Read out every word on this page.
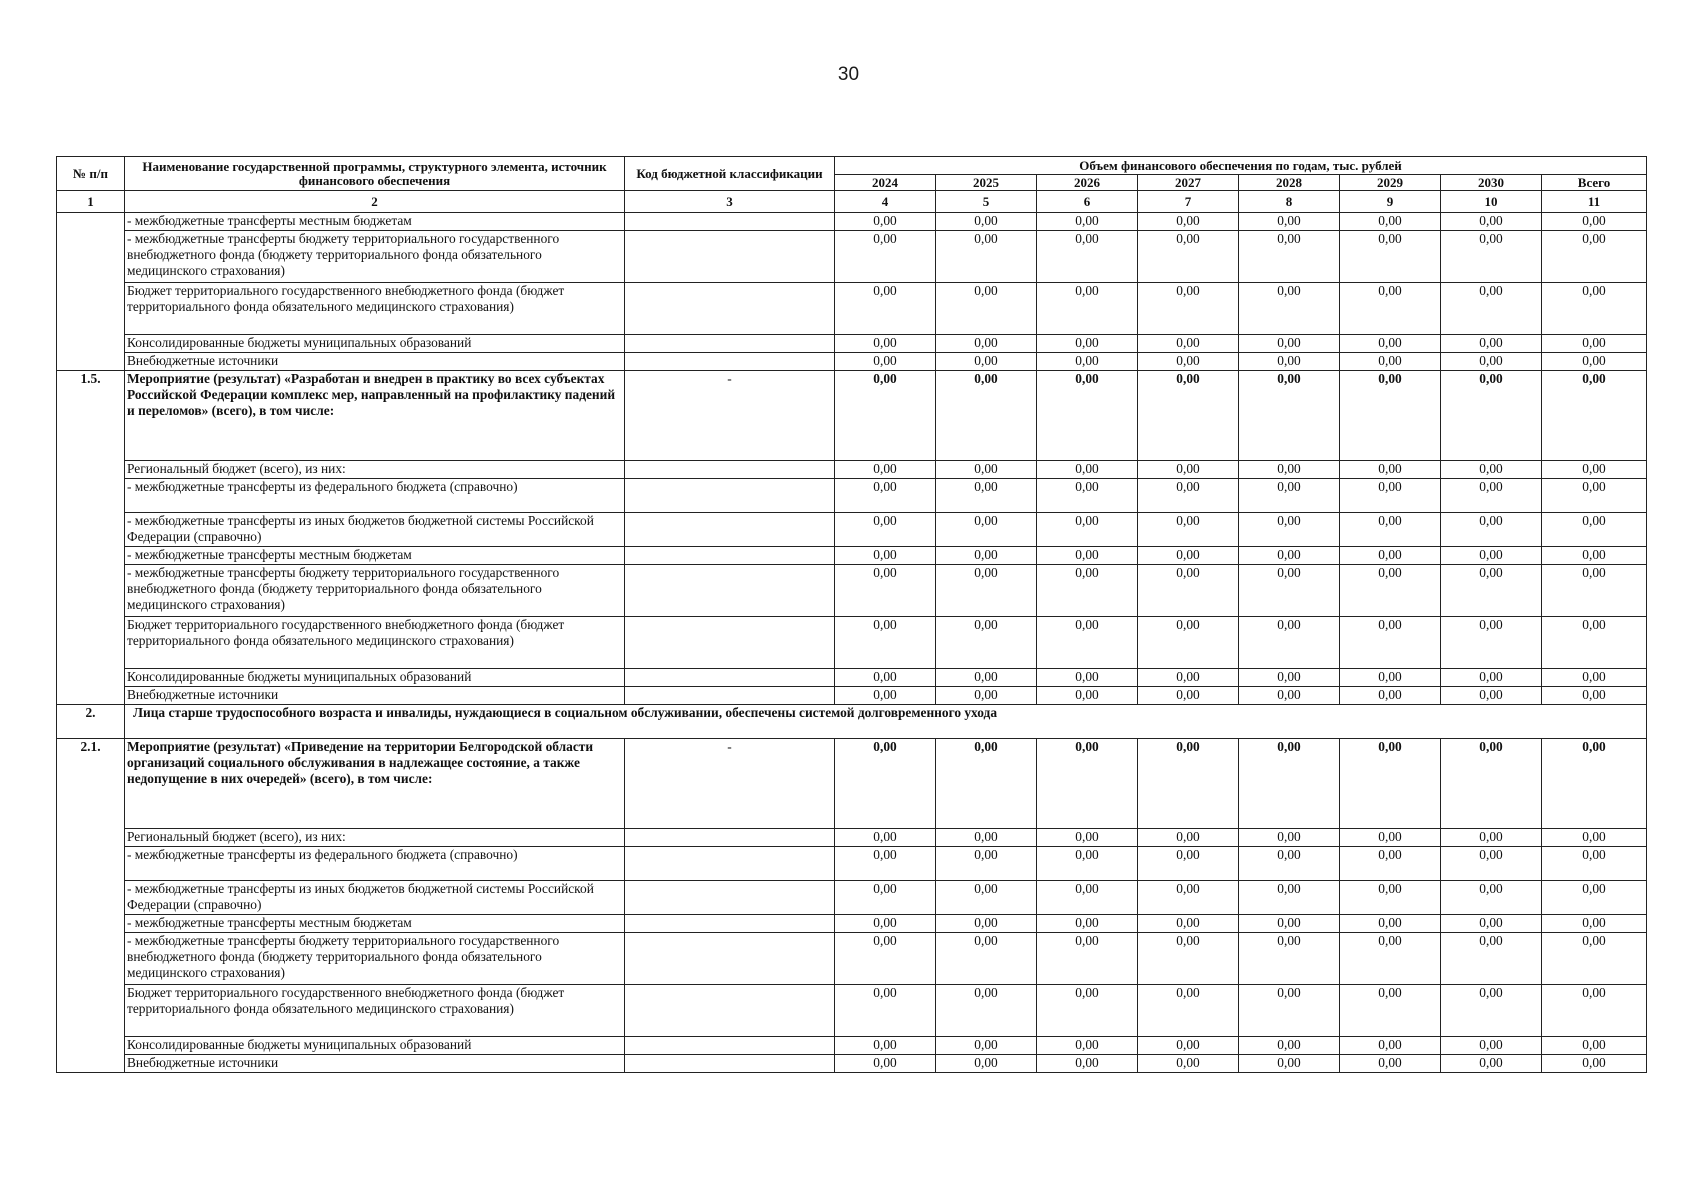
30
№ п/п	Наименование государственной программы, структурного элемента, источник финансового обеспечения	Код бюджетной классификации	Объем финансового обеспечения по годам, тыс. рублей							
			2024	2025	2026	2027	2028	2029	2030	Всего
1	2	3	4	5	6	7	8	9	10	11
	- межбюджетные трансферты местным бюджетам		0,00	0,00	0,00	0,00	0,00	0,00	0,00	0,00
	- межбюджетные трансферты бюджету территориального государственного внебюджетного фонда (бюджету территориального фонда обязательного медицинского страхования)		0,00	0,00	0,00	0,00	0,00	0,00	0,00	0,00
	Бюджет территориального государственного внебюджетного фонда (бюджет территориального фонда обязательного медицинского страхования)		0,00	0,00	0,00	0,00	0,00	0,00	0,00	0,00
	Консолидированные бюджеты муниципальных образований		0,00	0,00	0,00	0,00	0,00	0,00	0,00	0,00
	Внебюджетные источники		0,00	0,00	0,00	0,00	0,00	0,00	0,00	0,00
1.5.	Мероприятие (результат) «Разработан и внедрен в практику во всех субъектах Российской Федерации комплекс мер, направленный на профилактику падений и переломов» (всего), в том числе:	-	0,00	0,00	0,00	0,00	0,00	0,00	0,00	0,00
	Региональный бюджет (всего), из них:		0,00	0,00	0,00	0,00	0,00	0,00	0,00	0,00
	- межбюджетные трансферты из федерального бюджета (справочно)		0,00	0,00	0,00	0,00	0,00	0,00	0,00	0,00
	- межбюджетные трансферты из иных бюджетов бюджетной системы Российской Федерации (справочно)		0,00	0,00	0,00	0,00	0,00	0,00	0,00	0,00
	- межбюджетные трансферты местным бюджетам		0,00	0,00	0,00	0,00	0,00	0,00	0,00	0,00
	- межбюджетные трансферты бюджету территориального государственного внебюджетного фонда (бюджету территориального фонда обязательного медицинского страхования)		0,00	0,00	0,00	0,00	0,00	0,00	0,00	0,00
	Бюджет территориального государственного внебюджетного фонда (бюджет территориального фонда обязательного медицинского страхования)		0,00	0,00	0,00	0,00	0,00	0,00	0,00	0,00
	Консолидированные бюджеты муниципальных образований		0,00	0,00	0,00	0,00	0,00	0,00	0,00	0,00
	Внебюджетные источники		0,00	0,00	0,00	0,00	0,00	0,00	0,00	0,00
2.	Лица старше трудоспособного возраста и инвалиды, нуждающиеся в социальном обслуживании, обеспечены системой долговременного ухода									
2.1.	Мероприятие (результат) «Приведение на территории Белгородской области организаций социального обслуживания в надлежащее состояние, а также недопущение в них очередей» (всего), в том числе:	-	0,00	0,00	0,00	0,00	0,00	0,00	0,00	0,00
	Региональный бюджет (всего), из них:		0,00	0,00	0,00	0,00	0,00	0,00	0,00	0,00
	- межбюджетные трансферты из федерального бюджета (справочно)		0,00	0,00	0,00	0,00	0,00	0,00	0,00	0,00
	- межбюджетные трансферты из иных бюджетов бюджетной системы Российской Федерации (справочно)		0,00	0,00	0,00	0,00	0,00	0,00	0,00	0,00
	- межбюджетные трансферты местным бюджетам		0,00	0,00	0,00	0,00	0,00	0,00	0,00	0,00
	- межбюджетные трансферты бюджету территориального государственного внебюджетного фонда (бюджету территориального фонда обязательного медицинского страхования)		0,00	0,00	0,00	0,00	0,00	0,00	0,00	0,00
	Бюджет территориального государственного внебюджетного фонда (бюджет территориального фонда обязательного медицинского страхования)		0,00	0,00	0,00	0,00	0,00	0,00	0,00	0,00
	Консолидированные бюджеты муниципальных образований		0,00	0,00	0,00	0,00	0,00	0,00	0,00	0,00
	Внебюджетные источники		0,00	0,00	0,00	0,00	0,00	0,00	0,00	0,00
